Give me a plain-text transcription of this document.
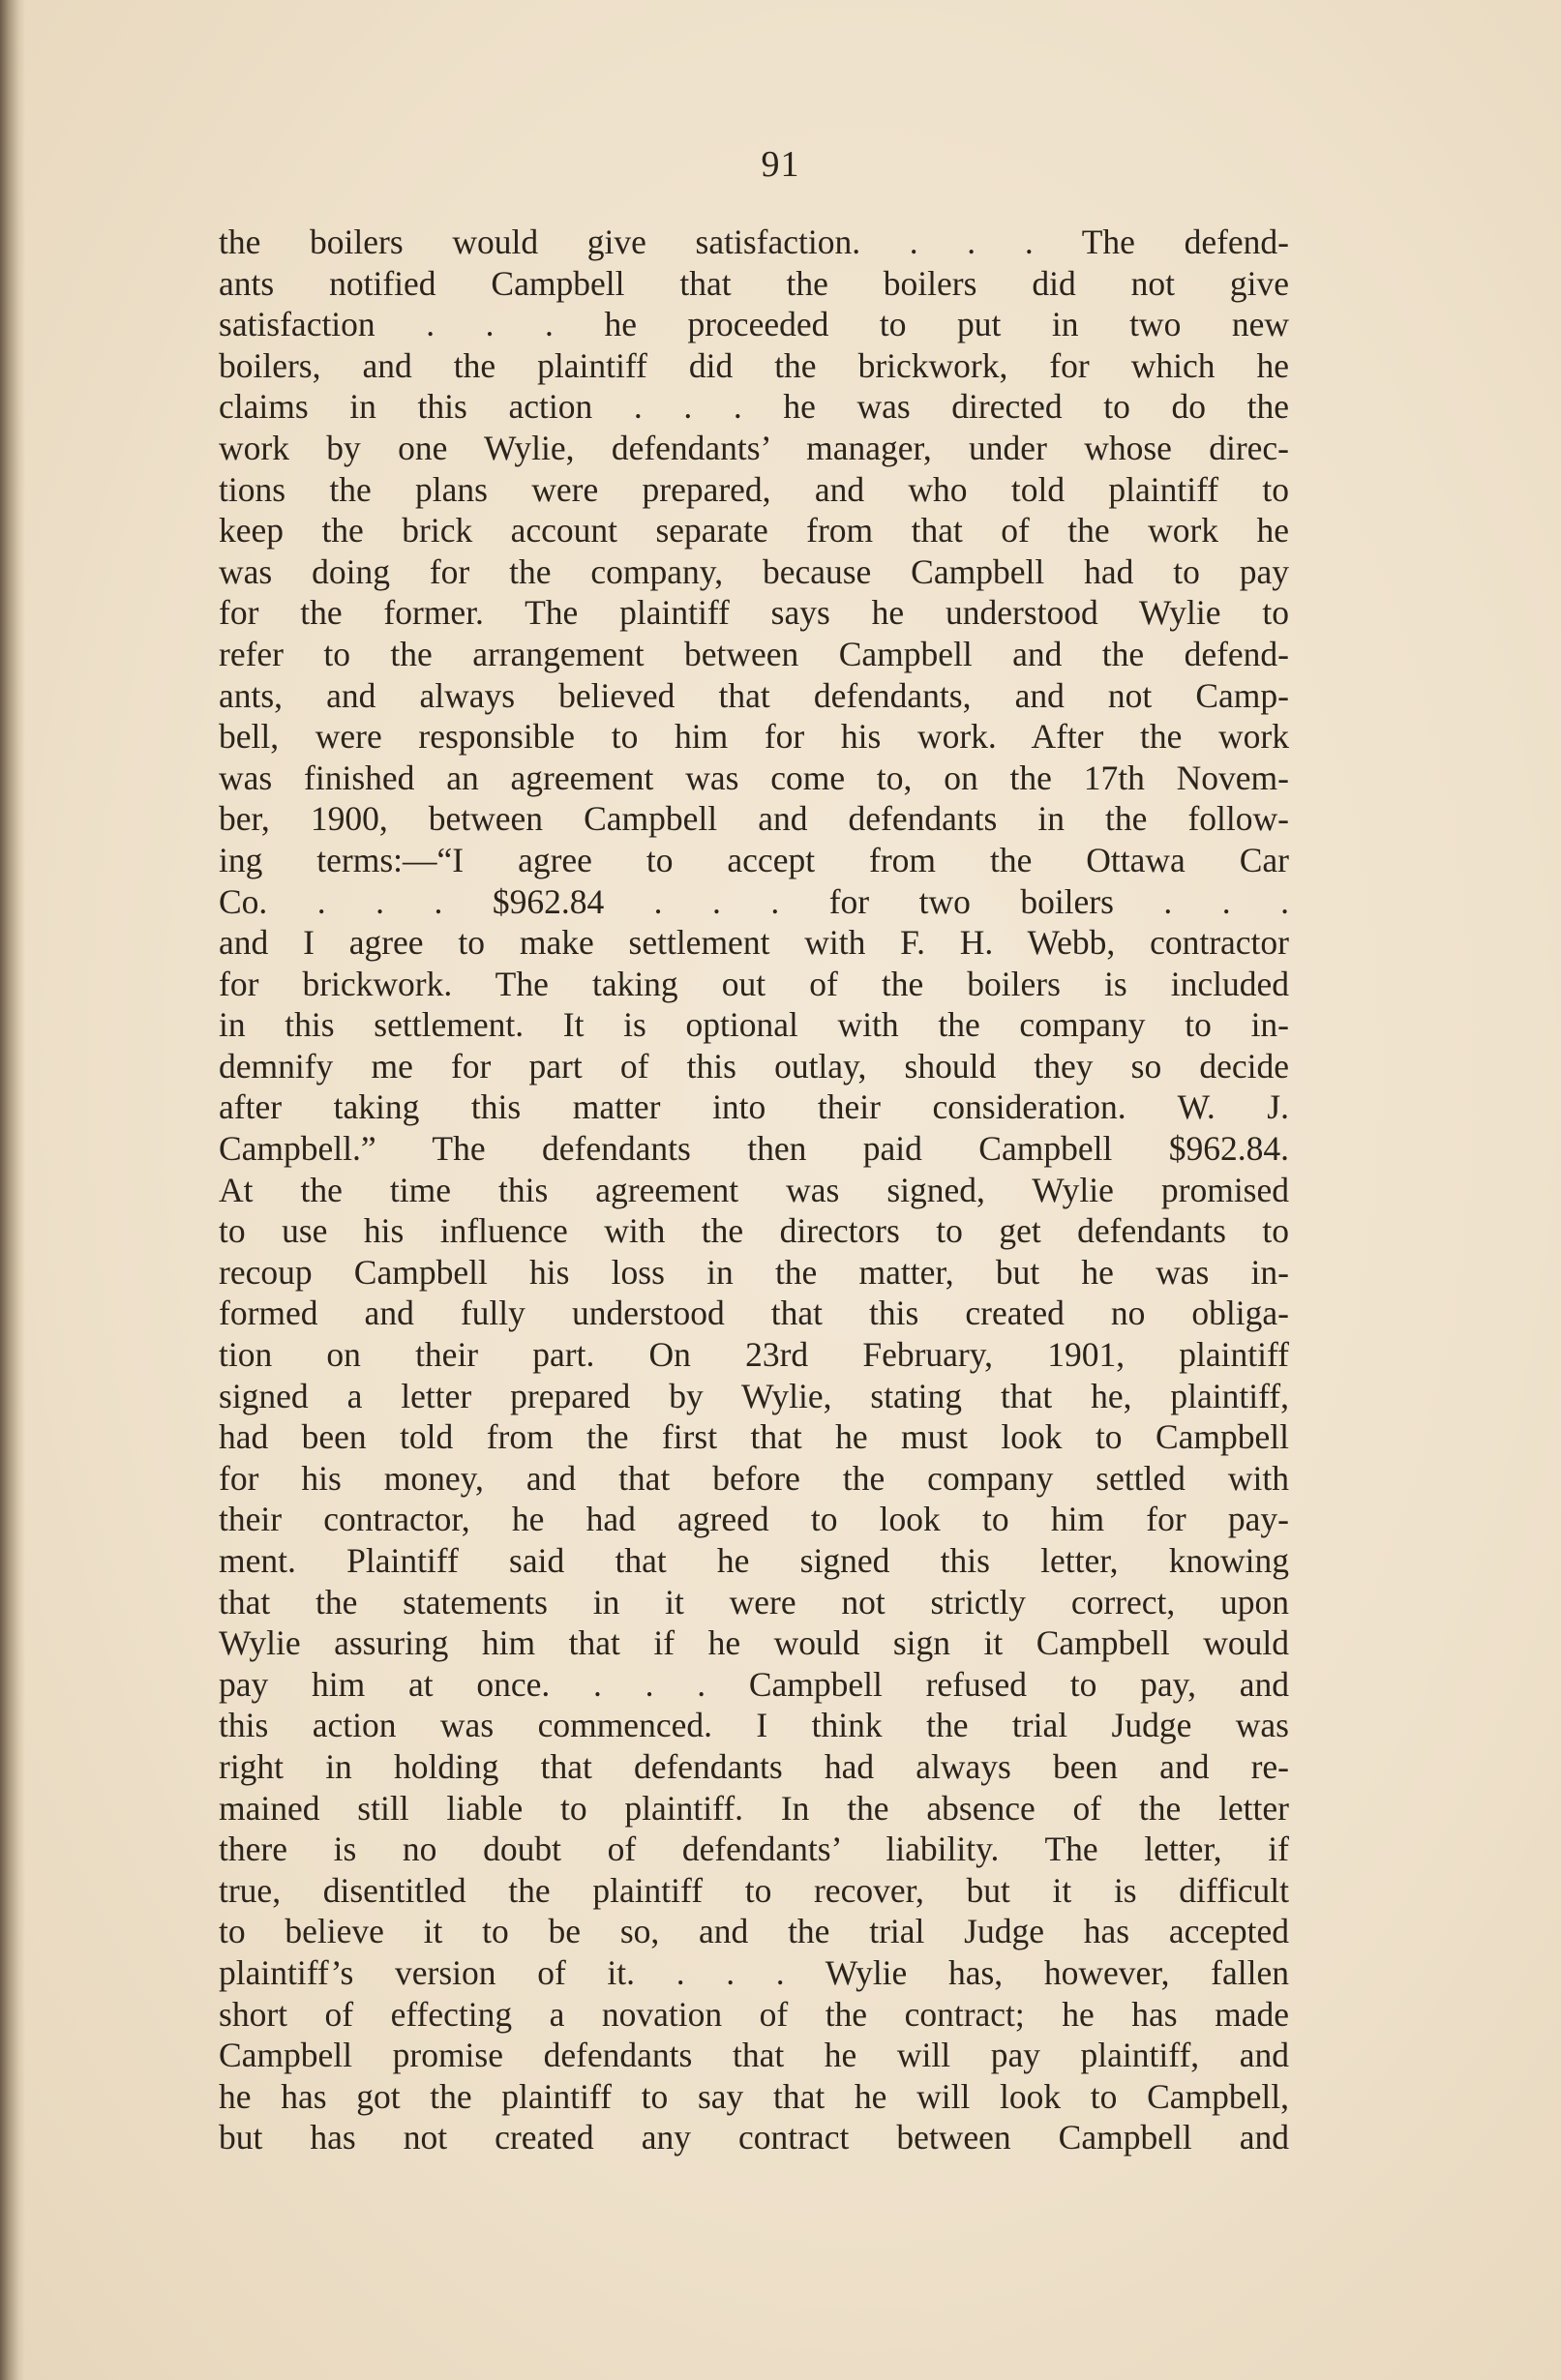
91
the boilers would give satisfaction. . . . The defend-
ants notified Campbell that the boilers did not give
satisfaction . . . he proceeded to put in two new
boilers, and the plaintiff did the brickwork, for which he
claims in this action . . . he was directed to do the
work by one Wylie, defendants’ manager, under whose direc-
tions the plans were prepared, and who told plaintiff to
keep the brick account separate from that of the work he
was doing for the company, because Campbell had to pay
for the former. The plaintiff says he understood Wylie to
refer to the arrangement between Campbell and the defend-
ants, and always believed that defendants, and not Camp-
bell, were responsible to him for his work. After the work
was finished an agreement was come to, on the 17th Novem-
ber, 1900, between Campbell and defendants in the follow-
ing terms:—“I agree to accept from the Ottawa Car
Co. . . . $962.84 . . . for two boilers . . .
and I agree to make settlement with F. H. Webb, contractor
for brickwork. The taking out of the boilers is included
in this settlement. It is optional with the company to in-
demnify me for part of this outlay, should they so decide
after taking this matter into their consideration. W. J.
Campbell.” The defendants then paid Campbell $962.84.
At the time this agreement was signed, Wylie promised
to use his influence with the directors to get defendants to
recoup Campbell his loss in the matter, but he was in-
formed and fully understood that this created no obliga-
tion on their part. On 23rd February, 1901, plaintiff
signed a letter prepared by Wylie, stating that he, plaintiff,
had been told from the first that he must look to Campbell
for his money, and that before the company settled with
their contractor, he had agreed to look to him for pay-
ment. Plaintiff said that he signed this letter, knowing
that the statements in it were not strictly correct, upon
Wylie assuring him that if he would sign it Campbell would
pay him at once. . . . Campbell refused to pay, and
this action was commenced. I think the trial Judge was
right in holding that defendants had always been and re-
mained still liable to plaintiff. In the absence of the letter
there is no doubt of defendants’ liability. The letter, if
true, disentitled the plaintiff to recover, but it is difficult
to believe it to be so, and the trial Judge has accepted
plaintiff’s version of it. . . . Wylie has, however, fallen
short of effecting a novation of the contract; he has made
Campbell promise defendants that he will pay plaintiff, and
he has got the plaintiff to say that he will look to Campbell,
but has not created any contract between Campbell and
